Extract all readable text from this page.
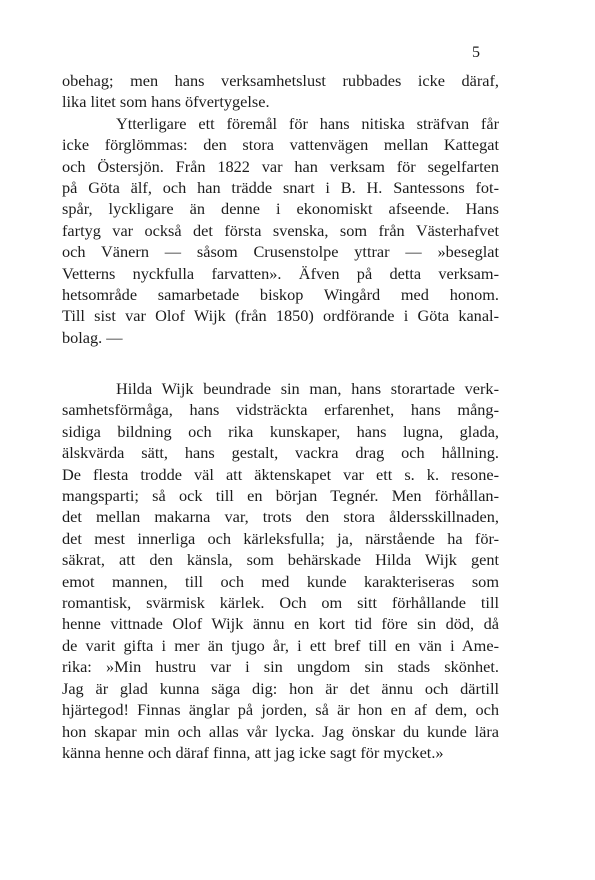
5
obehag; men hans verksamhetslust rubbades icke däraf,
lika litet som hans öfvertygelse.
Ytterligare ett föremål för hans nitiska sträfvan får
icke förglömmas: den stora vattenvägen mellan Kattegat
och Östersjön. Från 1822 var han verksam för segelfarten
på Göta älf, och han trädde snart i B. H. Santessons fot-
spår, lyckligare än denne i ekonomiskt afseende. Hans
fartyg var också det första svenska, som från Västerhafvet
och Vänern — såsom Crusenstolpe yttrar — »beseglat
Vetterns nyckfulla farvatten». Äfven på detta verksam-
hetsområde samarbetade biskop Wingård med honom.
Till sist var Olof Wijk (från 1850) ordförande i Göta kanal-
bolag. —
Hilda Wijk beundrade sin man, hans storartade verk-
samhetsförmåga, hans vidsträckta erfarenhet, hans mång-
sidiga bildning och rika kunskaper, hans lugna, glada,
älskvärda sätt, hans gestalt, vackra drag och hållning.
De flesta trodde väl att äktenskapet var ett s. k. resone-
mangsparti; så ock till en början Tegnér. Men förhållan-
det mellan makarna var, trots den stora åldersskillnaden,
det mest innerliga och kärleksfulla; ja, närstående ha för-
säkrat, att den känsla, som behärskade Hilda Wijk gent
emot mannen, till och med kunde karakteriseras som
romantisk, svärmisk kärlek. Och om sitt förhållande till
henne vittnade Olof Wijk ännu en kort tid före sin död, då
de varit gifta i mer än tjugo år, i ett bref till en vän i Ame-
rika: »Min hustru var i sin ungdom sin stads skönhet.
Jag är glad kunna säga dig: hon är det ännu och därtill
hjärtegod! Finnas änglar på jorden, så är hon en af dem, och
hon skapar min och allas vår lycka. Jag önskar du kunde lära
känna henne och däraf finna, att jag icke sagt för mycket.»
